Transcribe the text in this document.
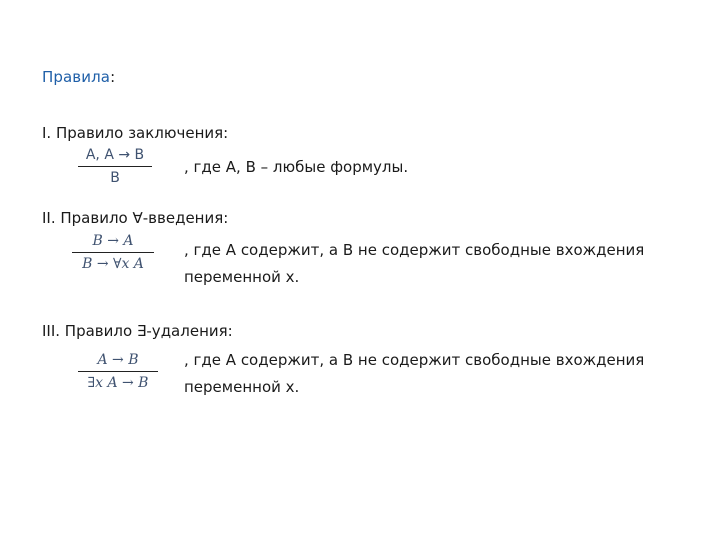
Правила:
I. Правило заключения:
A, A → B
B
, где A, B – любые формулы.
II. Правило ∀-введения:
B → A
B → ∀x A
, где A содержит, а B не содержит свободные вхождения
переменной x.
III. Правило ∃-удаления:
A → B
∃x A → B
, где A содержит, а B не содержит свободные вхождения
переменной x.
